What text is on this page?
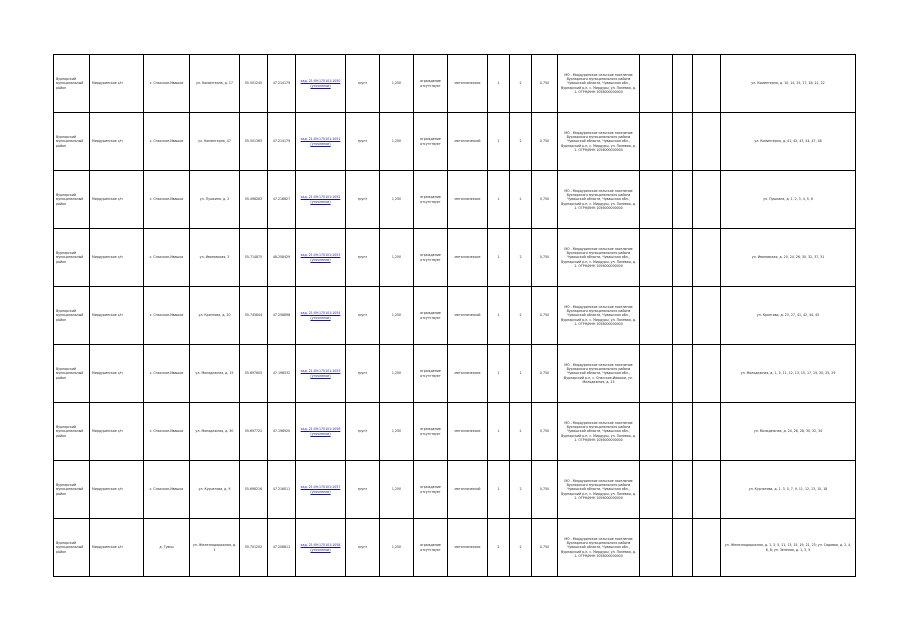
Вурнарский муниципальный район	Мирдуринское с/п	с. Спасское-Ивашки	ул. Коминтерна, д. 17	55.501245	47.214179	кад. 21:09:170101:1050
(уточнение)	грунт	1,250	ограждение отсутствует	металлические	1	2	0,750	МО - Мирдуринское сельское поселение Вурнарского муниципального района Чувашской области, Чувашская обл., Вурнарский р-н, с. Мирдуры, ул. Полевая, д. 1. ОГРН/ИНН 1056000000000				ул. Коминтерна, д. 10, 14, 15, 17, 18, 21, 22
Вурнарский муниципальный район	Мирдуринское с/п	с. Спасское-Ивашки	ул. Коминтерна, 47	55.501365	47.214179	кад. 21:09:170101:1051
(уточнение)	грунт	1,250	ограждение отсутствует	металлический	1	2	0,750	МО - Мирдуринское сельское поселение Вурнарского муниципального района Чувашской области, Чувашская обл., Вурнарский р-н, с. Мирдуры, ул. Полевая, д. 1. ОГРН/ИНН 1056000000000				ул. Коминтерна, д. 41, 42, 43, 44, 47, 48
Вурнарский муниципальный район	Мирдуринское с/п	с. Спасское-Ивашки	ул. Пушкина, д. 2	55.498283	47.218827	кад. 21:09:170101:1052
(уточнение)	грунт	1,250	ограждение отсутствует	металлические	1	2	0,750	МО - Мирдуринское сельское поселение Вурнарского муниципального района Чувашской области, Чувашская обл., Вурнарский р-н, с. Мирдуры, ул. Полевая, д. 1. ОГРН/ИНН 1056000000000				ул. Пушкина, д. 1, 2, 3, 4, 5, 6
Вурнарский муниципальный район	Мирдуринское с/п	с. Спасское-Ивашки	ул. Ивановская, 3	55.714875	48.258429	кад. 21:09:170101:1053
(уточнение)	грунт	1,250	ограждение отсутствует	металлические	1	2	0,750	МО - Мирдуринское сельское поселение Вурнарского муниципального района Чувашской области, Чувашская обл., Вурнарский р-н, с. Мирдуры, ул. Полевая, д. 1. ОГРН/ИНН 1056000000000				ул. Ивановская, д. 20, 24, 26, 30, 32, 37, 31
Вурнарский муниципальный район	Мирдуринское с/п	с. Спасское-Ивашки	ул. Кронгова, д. 20	55.745844	47.258898	кад. 21:09:170101:1054
(уточнение)	грунт	1,250	ограждение отсутствует	металлический	1	2	0,750	МО - Мирдуринское сельское поселение Вурнарского муниципального района Чувашской области, Чувашская обл., Вурнарский р-н, с. Мирдуры, ул. Полевая, д. 1. ОГРН/ИНН 1056000000000				ул. Кронгова, д. 23, 27, 41, 42, 44, 45
Вурнарский муниципальный район	Мирдуринское с/п	с. Спасское-Ивашки	ул. Молодежная, д. 15	55.697605	47.198532	кад. 21:09:170101:1055
(уточнение)	грунт	1,250	ограждение отсутствует	металлические	1	1	0,750	МО - Мирдуринское сельское поселение Вурнарского муниципального района Чувашской области, Чувашская обл., Вурнарский р-н, с. Спасское-Ивашки, ул. Молодежная, д. 15				ул. Молодежная, д. 1, 5, 11, 12, 13, 15, 17, 19, 20, 25, 29
Вурнарский муниципальный район	Мирдуринское с/п	с. Спасское-Ивашки	ул. Молодежная, д. 30	55.697722	47.198920	кад. 21:09:170101:1056
(уточнение)	грунт	1,250	ограждение отсутствует	металлические	1	2	0,750	МО - Мирдуринское сельское поселение Вурнарского муниципального района Чувашской области, Чувашская обл., Вурнарский р-н, с. Мирдуры, ул. Полевая, д. 1. ОГРН/ИНН 1056000000000				ул. Молодежная, д. 24, 26, 28, 30, 32, 34
Вурнарский муниципальный район	Мирдуринское с/п	с. Спасское-Ивашки	ул. Курчатова, д. 9	55.698216	47.216011	кад. 21:09:170101:1057
(уточнение)	грунт	1,250	ограждение отсутствует	металлический	1	2	0,750	МО - Мирдуринское сельское поселение Вурнарского муниципального района Чувашской области, Чувашская обл., Вурнарский р-н, с. Мирдуры, ул. Полевая, д. 1. ОГРН/ИНН 1056000000000				ул. Курчатова, д. 1, 3, 5, 7, 9, 11, 12, 13, 15, 18
Вурнарский муниципальный район	Мирдуринское с/п	д. Тувсы	ул. Железнодорожная, д. 1	55.701202	47.208611	кад. 21:09:170101:1058
(уточнение)	грунт	1,250	ограждение отсутствует	металлические	2	2	0,750	МО - Мирдуринское сельское поселение Вурнарского муниципального района Чувашской области, Чувашская обл., Вурнарский р-н, с. Мирдуры, ул. Полевая, д. 1. ОГРН/ИНН 1056000000000				ул. Железнодорожная, д. 1, 3, 5, 11, 13, 15, 19, 21, 23; ул. Садовая, д. 2, 4, 6, 8; ул. Зеленая, д. 1, 3, 5
